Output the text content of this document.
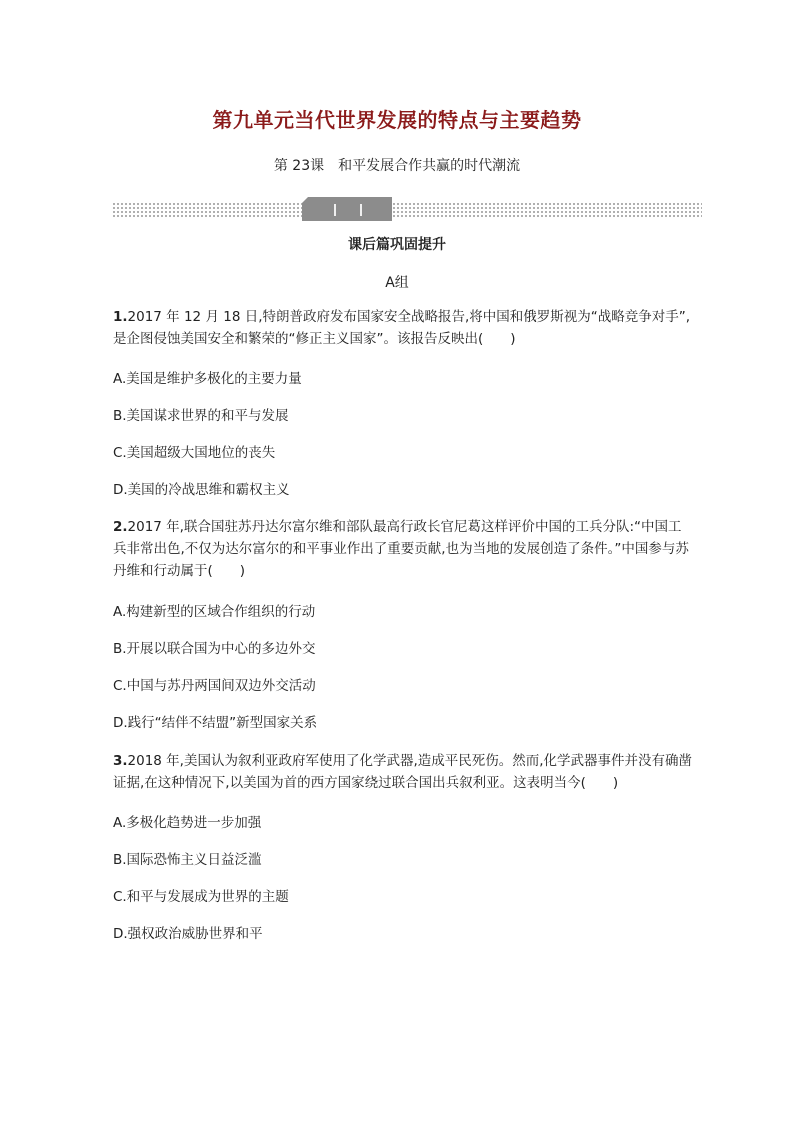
第九单元当代世界发展的特点与主要趋势
第 23课　和平发展合作共赢的时代潮流
课后篇巩固提升
A组
1.2017 年 12 月 18 日,特朗普政府发布国家安全战略报告,将中国和俄罗斯视为“战略竞争对手”,是企图侵蚀美国安全和繁荣的“修正主义国家”。该报告反映出(　　)
A.美国是维护多极化的主要力量
B.美国谋求世界的和平与发展
C.美国超级大国地位的丧失
D.美国的冷战思维和霸权主义
2.2017 年,联合国驻苏丹达尔富尔维和部队最高行政长官尼葛这样评价中国的工兵分队:“中国工兵非常出色,不仅为达尔富尔的和平事业作出了重要贡献,也为当地的发展创造了条件。”中国参与苏丹维和行动属于(　　)
A.构建新型的区域合作组织的行动
B.开展以联合国为中心的多边外交
C.中国与苏丹两国间双边外交活动
D.践行“结伴不结盟”新型国家关系
3.2018 年,美国认为叙利亚政府军使用了化学武器,造成平民死伤。然而,化学武器事件并没有确凿证据,在这种情况下,以美国为首的西方国家绕过联合国出兵叙利亚。这表明当今(　　)
A.多极化趋势进一步加强
B.国际恐怖主义日益泛滥
C.和平与发展成为世界的主题
D.强权政治威胁世界和平
